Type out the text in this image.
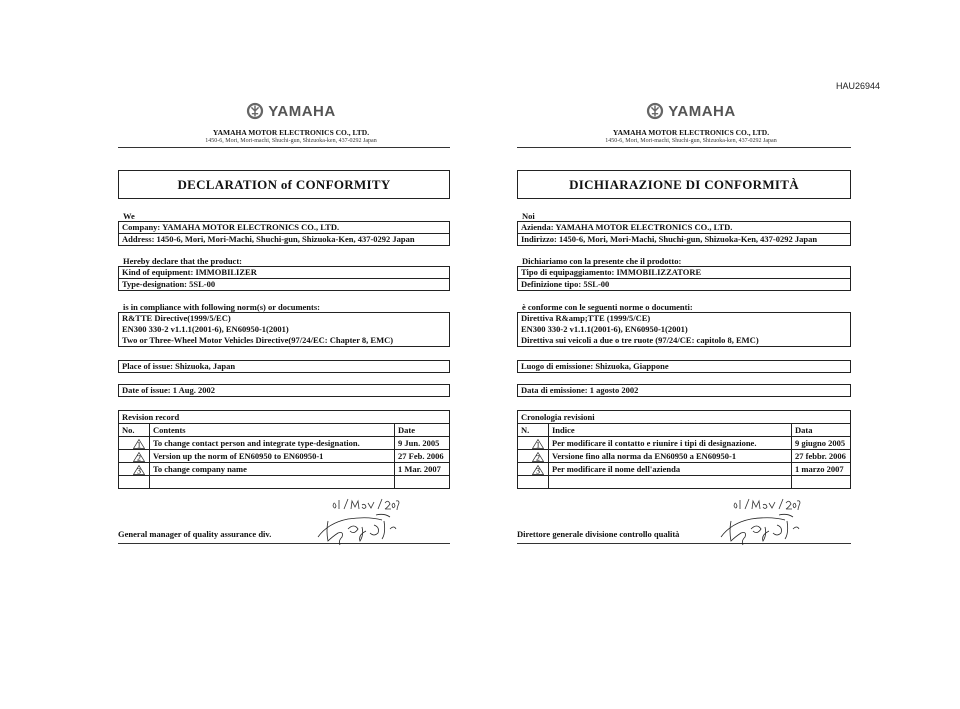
HAU26944
YAMAHA
YAMAHA MOTOR ELECTRONICS CO., LTD.
1450-6, Mori, Mori-machi, Shuchi-gun, Shizuoka-ken, 437-0292 Japan
DECLARATION of CONFORMITY
We
Company: YAMAHA MOTOR ELECTRONICS CO., LTD.
Address: 1450-6, Mori, Mori-Machi, Shuchi-gun, Shizuoka-Ken, 437-0292 Japan
Hereby declare that the product:
Kind of equipment: IMMOBILIZER
Type-designation: 5SL-00
is in compliance with following norm(s) or documents:
R&TTE Directive(1999/5/EC)
EN300 330-2 v1.1.1(2001-6), EN60950-1(2001)
Two or Three-Wheel Motor Vehicles Directive(97/24/EC: Chapter 8, EMC)
Place of issue: Shizuoka, Japan
Date of issue: 1 Aug. 2002
Revision record		
No.	Contents	Date

1	To change contact person and integrate type-designation.	9 Jun. 2005

2	Version up the norm of EN60950 to EN60950-1	27 Feb. 2006

3	To change company name	1 Mar. 2007

General manager of quality assurance div.
YAMAHA
YAMAHA MOTOR ELECTRONICS CO., LTD.
1450-6, Mori, Mori-machi, Shuchi-gun, Shizuoka-ken, 437-0292 Japan
DICHIARAZIONE DI CONFORMITÀ
Noi
Azienda: YAMAHA MOTOR ELECTRONICS CO., LTD.
Indirizzo: 1450-6, Mori, Mori-Machi, Shuchi-gun, Shizuoka-Ken, 437-0292 Japan
Dichiariamo con la presente che il prodotto:
Tipo di equipaggiamento: IMMOBILIZZATORE
Definizione tipo: 5SL-00
è conforme con le seguenti norme o documenti:
Direttiva R&amp;TTE (1999/5/CE)
EN300 330-2 v1.1.1(2001-6), EN60950-1(2001)
Direttiva sui veicoli a due o tre ruote (97/24/CE: capitolo 8, EMC)
Luogo di emissione: Shizuoka, Giappone
Data di emissione: 1 agosto 2002
Cronologia revisioni		
N.	Indice	Data

1	Per modificare il contatto e riunire i tipi di designazione.	9 giugno 2005

2	Versione fino alla norma da EN60950 a EN60950-1	27 febbr. 2006

3	Per modificare il nome dell'azienda	1 marzo 2007

Direttore generale divisione controllo qualità
